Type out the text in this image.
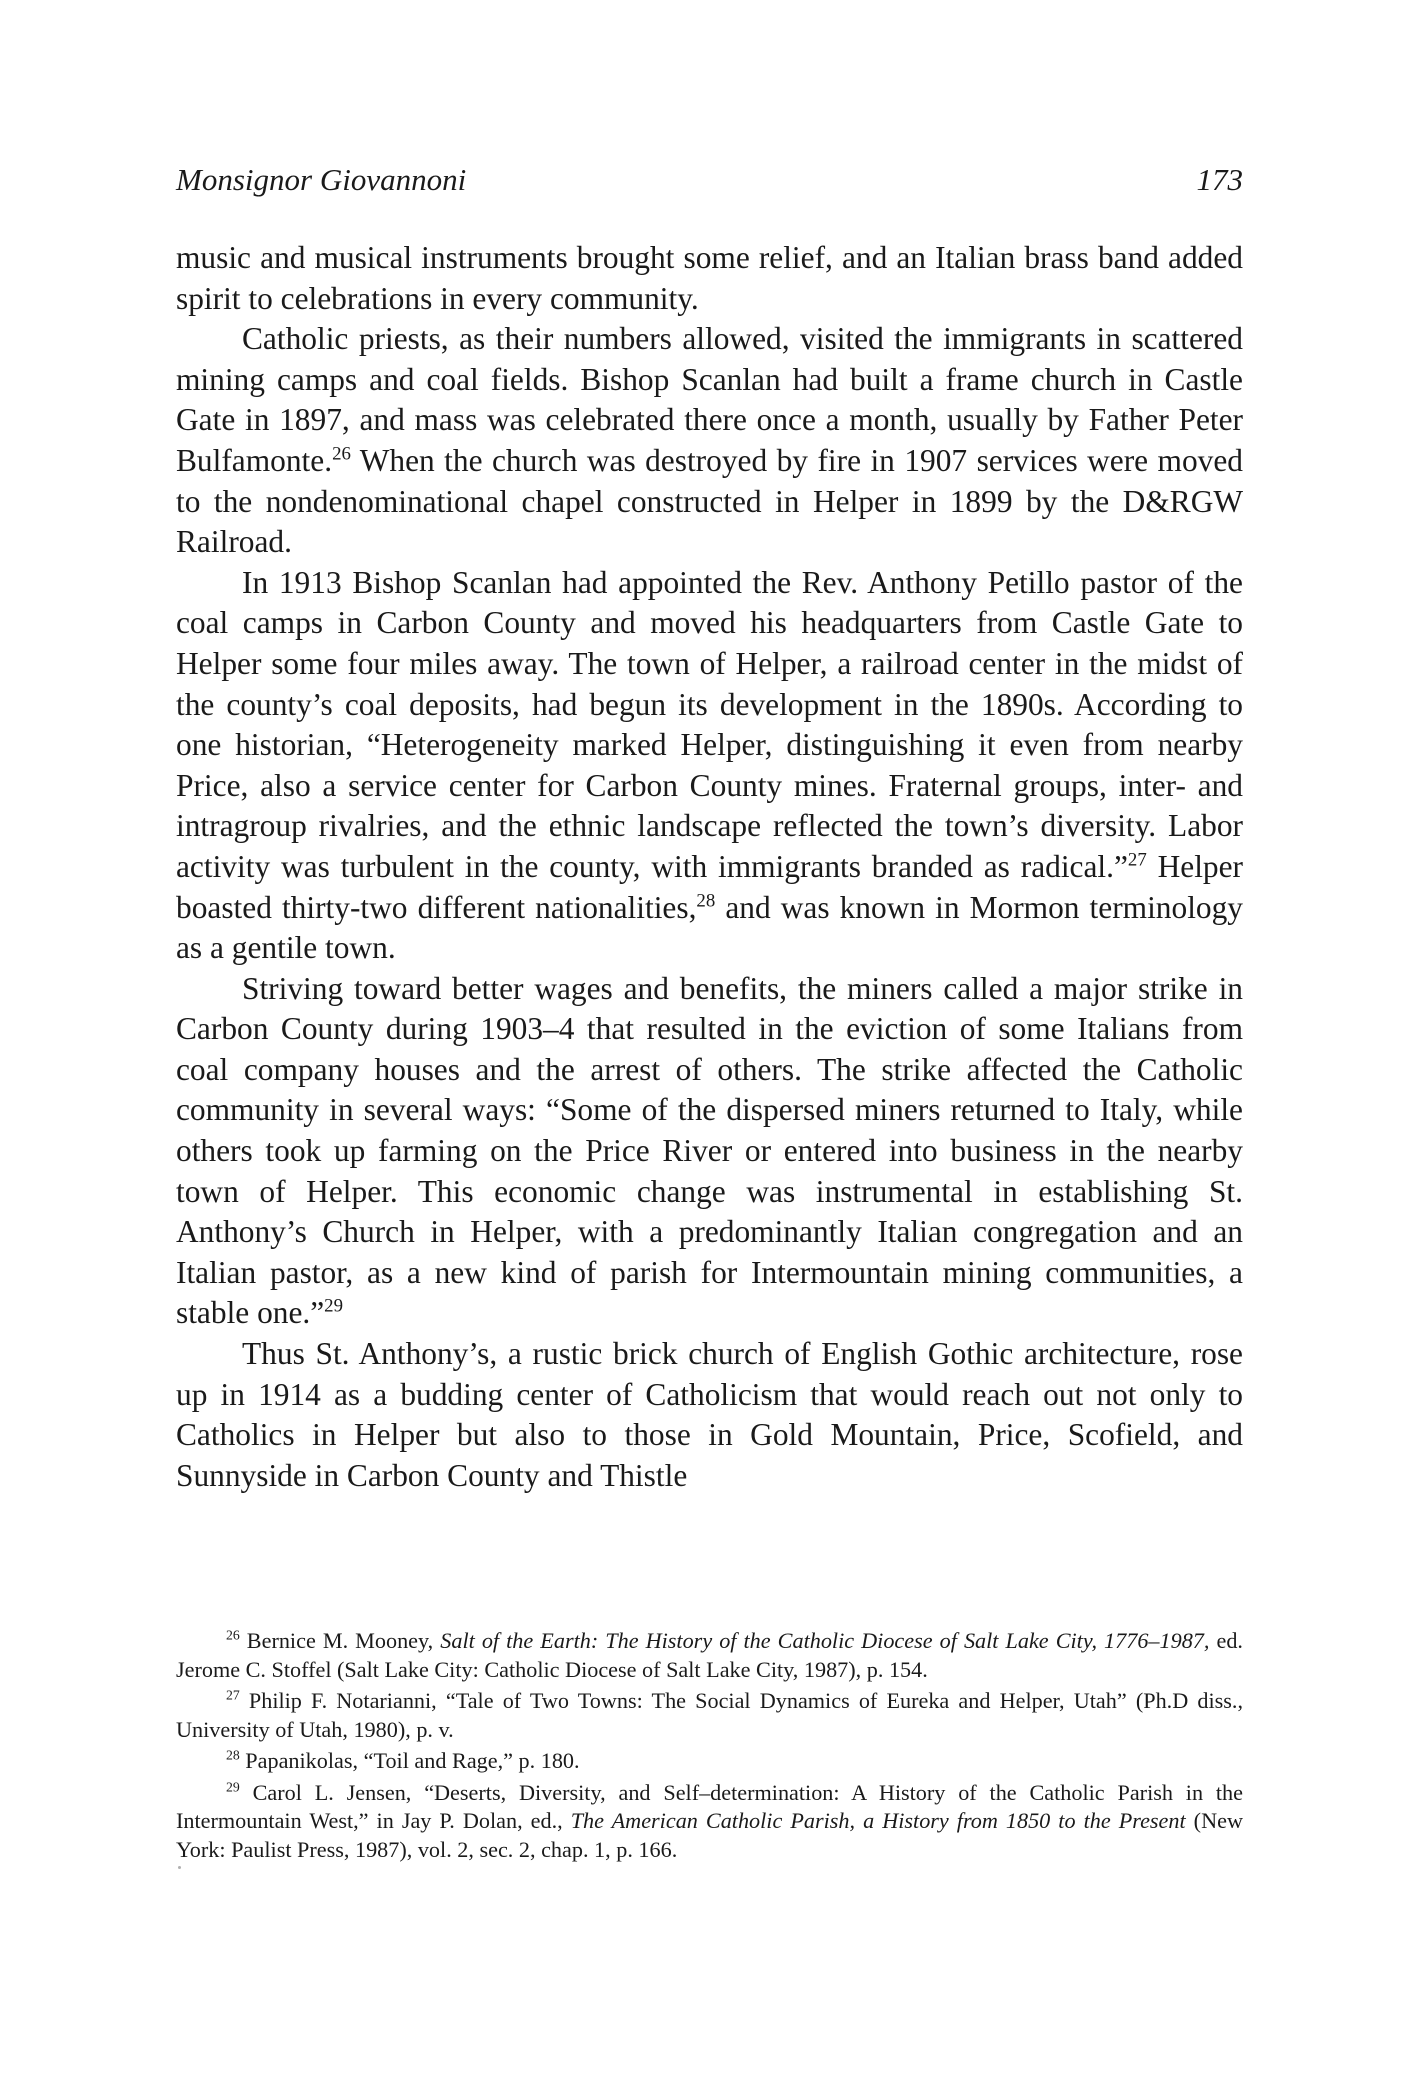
Monsignor Giovannoni	173

music and musical instruments brought some relief, and an Italian brass band added spirit to celebrations in every community.

Catholic priests, as their numbers allowed, visited the immigrants in scattered mining camps and coal fields. Bishop Scanlan had built a frame church in Castle Gate in 1897, and mass was celebrated there once a month, usually by Father Peter Bulfamonte.$^{26}$ When the church was destroyed by fire in 1907 services were moved to the nondenominational chapel constructed in Helper in 1899 by the D&RGW Railroad.

In 1913 Bishop Scanlan had appointed the Rev. Anthony Petillo pastor of the coal camps in Carbon County and moved his headquarters from Castle Gate to Helper some four miles away. The town of Helper, a railroad center in the midst of the county’s coal deposits, had begun its development in the 1890s. According to one historian, “Heterogeneity marked Helper, distinguishing it even from nearby Price, also a service center for Carbon County mines. Fraternal groups, inter- and intragroup rivalries, and the ethnic landscape reflected the town’s diversity. Labor activity was turbulent in the county, with immigrants branded as radical.”$^{27}$ Helper boasted thirty-two different nationalities,$^{28}$ and was known in Mormon terminology as a gentile town.

Striving toward better wages and benefits, the miners called a major strike in Carbon County during 1903–4 that resulted in the eviction of some Italians from coal company houses and the arrest of others. The strike affected the Catholic community in several ways: “Some of the dispersed miners returned to Italy, while others took up farming on the Price River or entered into business in the nearby town of Helper. This economic change was instrumental in establishing St. Anthony’s Church in Helper, with a predominantly Italian congregation and an Italian pastor, as a new kind of parish for Intermountain mining communities, a stable one.”$^{29}$

Thus St. Anthony’s, a rustic brick church of English Gothic architecture, rose up in 1914 as a budding center of Catholicism that would reach out not only to Catholics in Helper but also to those in Gold Mountain, Price, Scofield, and Sunnyside in Carbon County and Thistle

$^{26}$ Bernice M. Mooney, Salt of the Earth: The History of the Catholic Diocese of Salt Lake City, 1776–1987, ed. Jerome C. Stoffel (Salt Lake City: Catholic Diocese of Salt Lake City, 1987), p. 154.

$^{27}$ Philip F. Notarianni, “Tale of Two Towns: The Social Dynamics of Eureka and Helper, Utah” (Ph.D diss., University of Utah, 1980), p. v.

$^{28}$ Papanikolas, “Toil and Rage,” p. 180.

$^{29}$ Carol L. Jensen, “Deserts, Diversity, and Self–determination: A History of the Catholic Parish in the Intermountain West,” in Jay P. Dolan, ed., The American Catholic Parish, a History from 1850 to the Present (New York: Paulist Press, 1987), vol. 2, sec. 2, chap. 1, p. 166.
